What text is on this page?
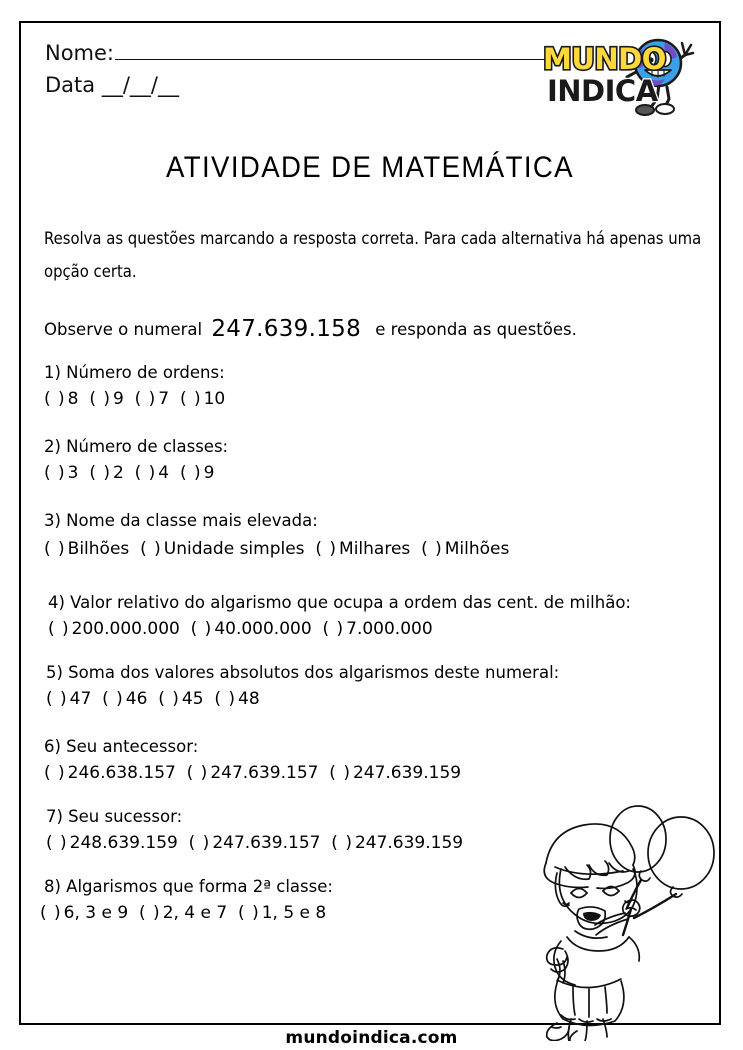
Nome:
Data __/__/__
MUNDO
INDICA
ATIVIDADE DE MATEMÁTICA
Resolva as questões marcando a resposta correta. Para cada alternativa há apenas uma opção certa.
Observe o numeral 247.639.158 e responda as questões.
1) Número de ordens:
( ) 8 ( ) 9 ( ) 7 ( ) 10
2) Número de classes:
( ) 3 ( ) 2 ( ) 4 ( ) 9
3) Nome da classe mais elevada:
( ) Bilhões ( ) Unidade simples ( ) Milhares ( ) Milhões
4) Valor relativo do algarismo que ocupa a ordem das cent. de milhão:
( ) 200.000.000 ( ) 40.000.000 ( ) 7.000.000
5) Soma dos valores absolutos dos algarismos deste numeral:
( ) 47 ( ) 46 ( ) 45 ( ) 48
6) Seu antecessor:
( ) 246.638.157 ( ) 247.639.157 ( ) 247.639.159
7) Seu sucessor:
( ) 248.639.159 ( ) 247.639.157 ( ) 247.639.159
8) Algarismos que forma 2ª classe:
( ) 6, 3 e 9 ( ) 2, 4 e 7 ( ) 1, 5 e 8
mundoindica.com
